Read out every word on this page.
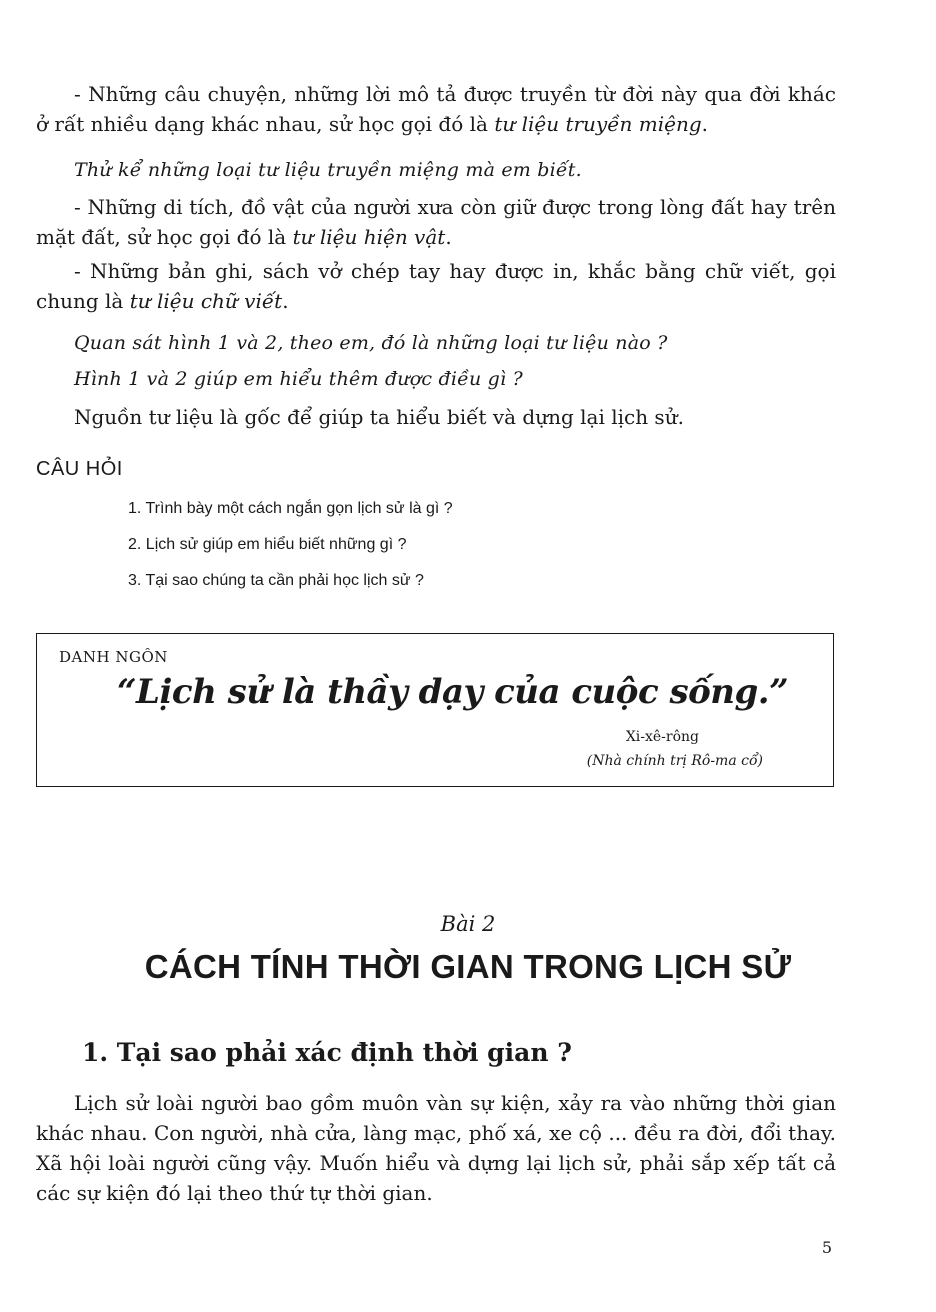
- Những câu chuyện, những lời mô tả được truyền từ đời này qua đời khác ở rất nhiều dạng khác nhau, sử học gọi đó là tư liệu truyền miệng.

Thử kể những loại tư liệu truyền miệng mà em biết.

- Những di tích, đồ vật của người xưa còn giữ được trong lòng đất hay trên mặt đất, sử học gọi đó là tư liệu hiện vật.

- Những bản ghi, sách vở chép tay hay được in, khắc bằng chữ viết, gọi chung là tư liệu chữ viết.

Quan sát hình 1 và 2, theo em, đó là những loại tư liệu nào ?

Hình 1 và 2 giúp em hiểu thêm được điều gì ?

Nguồn tư liệu là gốc để giúp ta hiểu biết và dựng lại lịch sử.

CÂU HỎI

1. Trình bày một cách ngắn gọn lịch sử là gì ?
2. Lịch sử giúp em hiểu biết những gì ?
3. Tại sao chúng ta cần phải học lịch sử ?
DANH NGÔN
“Lịch sử là thầy dạy của cuộc sống.”
Xi-xê-rông
(Nhà chính trị Rô-ma cổ)

Bài 2

CÁCH TÍNH THỜI GIAN TRONG LỊCH SỬ
1. Tại sao phải xác định thời gian ?

Lịch sử loài người bao gồm muôn vàn sự kiện, xảy ra vào những thời gian khác nhau. Con người, nhà cửa, làng mạc, phố xá, xe cộ ... đều ra đời, đổi thay. Xã hội loài người cũng vậy. Muốn hiểu và dựng lại lịch sử, phải sắp xếp tất cả các sự kiện đó lại theo thứ tự thời gian.

5
